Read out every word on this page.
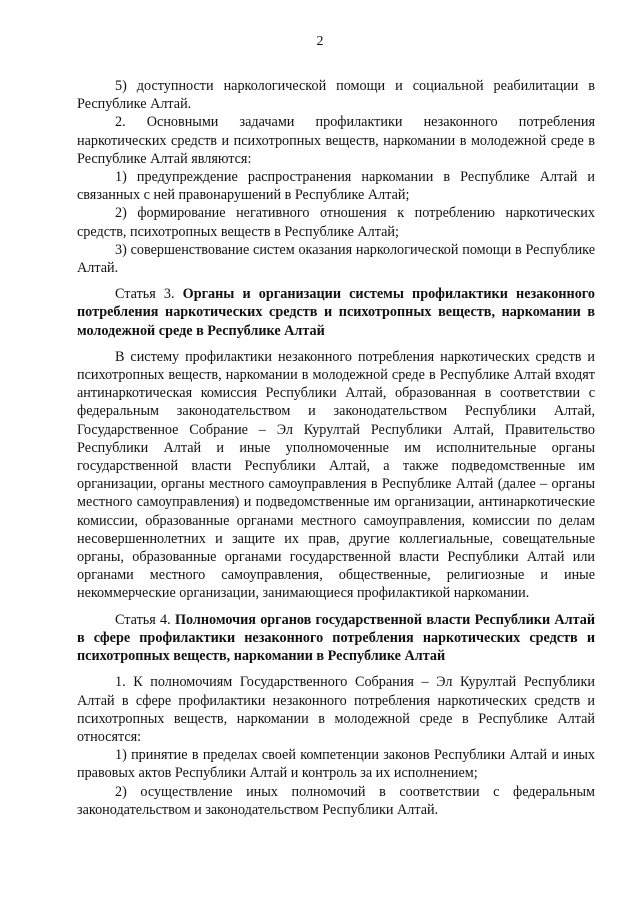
2

5) доступности наркологической помощи и социальной реабилитации в Республике Алтай.

2. Основными задачами профилактики незаконного потребления наркотических средств и психотропных веществ, наркомании в молодежной среде в Республике Алтай являются:

1) предупреждение распространения наркомании в Республике Алтай и связанных с ней правонарушений в Республике Алтай;

2) формирование негативного отношения к потреблению наркотических средств, психотропных веществ в Республике Алтай;

3) совершенствование систем оказания наркологической помощи в Республике Алтай.

Статья 3. Органы и организации системы профилактики незаконного потребления наркотических средств и психотропных веществ, наркомании в молодежной среде в Республике Алтай

В систему профилактики незаконного потребления наркотических средств и психотропных веществ, наркомании в молодежной среде в Республике Алтай входят антинаркотическая комиссия Республики Алтай, образованная в соответствии с федеральным законодательством и законодательством Республики Алтай, Государственное Собрание – Эл Курултай Республики Алтай, Правительство Республики Алтай и иные уполномоченные им исполнительные органы государственной власти Республики Алтай, а также подведомственные им организации, органы местного самоуправления в Республике Алтай (далее – органы местного самоуправления) и подведомственные им организации, антинаркотические комиссии, образованные органами местного самоуправления, комиссии по делам несовершеннолетних и защите их прав, другие коллегиальные, совещательные органы, образованные органами государственной власти Республики Алтай или органами местного самоуправления, общественные, религиозные и иные некоммерческие организации, занимающиеся профилактикой наркомании.

Статья 4. Полномочия органов государственной власти Республики Алтай в сфере профилактики незаконного потребления наркотических средств и психотропных веществ, наркомании в Республике Алтай

1. К полномочиям Государственного Собрания – Эл Курултай Республики Алтай в сфере профилактики незаконного потребления наркотических средств и психотропных веществ, наркомании в молодежной среде в Республике Алтай относятся:

1) принятие в пределах своей компетенции законов Республики Алтай и иных правовых актов Республики Алтай и контроль за их исполнением;

2) осуществление иных полномочий в соответствии с федеральным законодательством и законодательством Республики Алтай.
